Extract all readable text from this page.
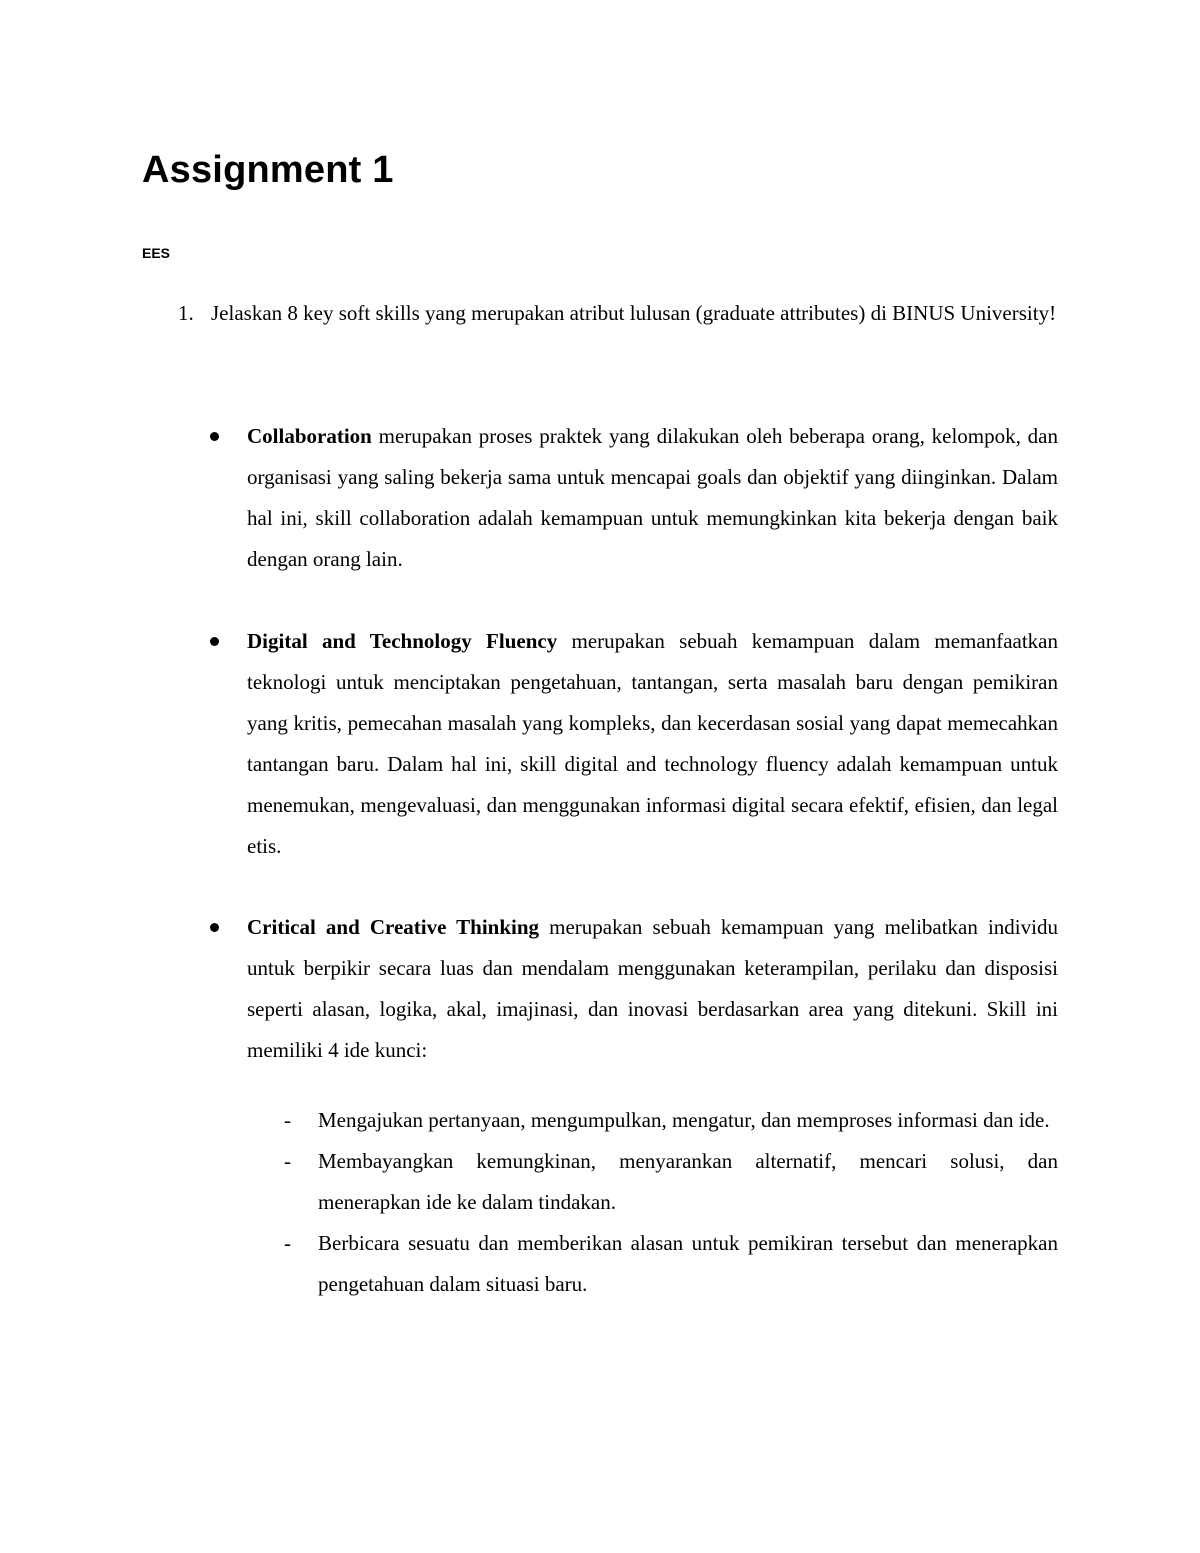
Assignment 1
EES
1. Jelaskan 8 key soft skills yang merupakan atribut lulusan (graduate attributes) di BINUS University!
Collaboration merupakan proses praktek yang dilakukan oleh beberapa orang, kelompok, dan organisasi yang saling bekerja sama untuk mencapai goals dan objektif yang diinginkan. Dalam hal ini, skill collaboration adalah kemampuan untuk memungkinkan kita bekerja dengan baik dengan orang lain.
Digital and Technology Fluency merupakan sebuah kemampuan dalam memanfaatkan teknologi untuk menciptakan pengetahuan, tantangan, serta masalah baru dengan pemikiran yang kritis, pemecahan masalah yang kompleks, dan kecerdasan sosial yang dapat memecahkan tantangan baru. Dalam hal ini, skill digital and technology fluency adalah kemampuan untuk menemukan, mengevaluasi, dan menggunakan informasi digital secara efektif, efisien, dan legal etis.
Critical and Creative Thinking merupakan sebuah kemampuan yang melibatkan individu untuk berpikir secara luas dan mendalam menggunakan keterampilan, perilaku dan disposisi seperti alasan, logika, akal, imajinasi, dan inovasi berdasarkan area yang ditekuni. Skill ini memiliki 4 ide kunci:
- Mengajukan pertanyaan, mengumpulkan, mengatur, dan memproses informasi dan ide.
- Membayangkan kemungkinan, menyarankan alternatif, mencari solusi, dan menerapkan ide ke dalam tindakan.
- Berbicara sesuatu dan memberikan alasan untuk pemikiran tersebut dan menerapkan pengetahuan dalam situasi baru.
